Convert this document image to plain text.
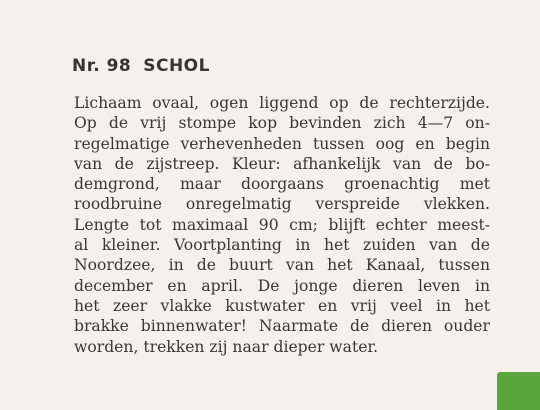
Nr. 98 SCHOL

Lichaam ovaal, ogen liggend op de rechterzijde.
Op de vrij stompe kop bevinden zich 4—7 on-
regelmatige verhevenheden tussen oog en begin
van de zijstreep. Kleur: afhankelijk van de bo-
demgrond, maar doorgaans groenachtig met
roodbruine onregelmatig verspreide vlekken.
Lengte tot maximaal 90 cm; blijft echter meest-
al kleiner. Voortplanting in het zuiden van de
Noordzee, in de buurt van het Kanaal, tussen
december en april. De jonge dieren leven in
het zeer vlakke kustwater en vrij veel in het
brakke binnenwater! Naarmate de dieren ouder
worden, trekken zij naar dieper water.
